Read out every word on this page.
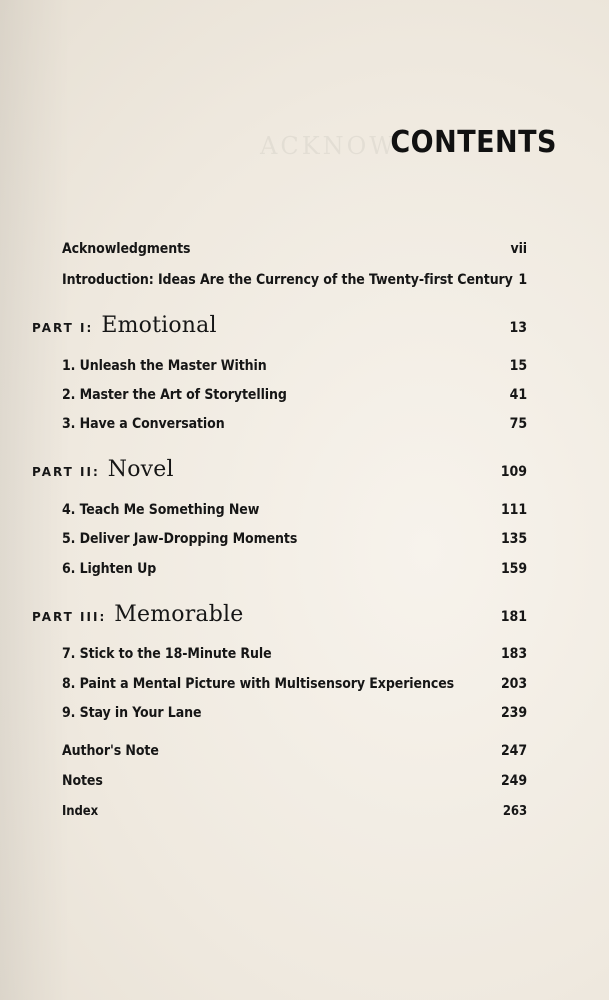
ACKNOW
CONTENTS
Acknowledgments	vii
Introduction: Ideas Are the Currency of the Twenty-first Century 1
PART I: Emotional	13
1. Unleash the Master Within	15
2. Master the Art of Storytelling	41
3. Have a Conversation	75
PART II: Novel	109
4. Teach Me Something New	111
5. Deliver Jaw-Dropping Moments	135
6. Lighten Up	159
PART III: Memorable	181
7. Stick to the 18-Minute Rule	183
8. Paint a Mental Picture with Multisensory Experiences	203
9. Stay in Your Lane	239
Author's Note	247
Notes	249
Index	263
